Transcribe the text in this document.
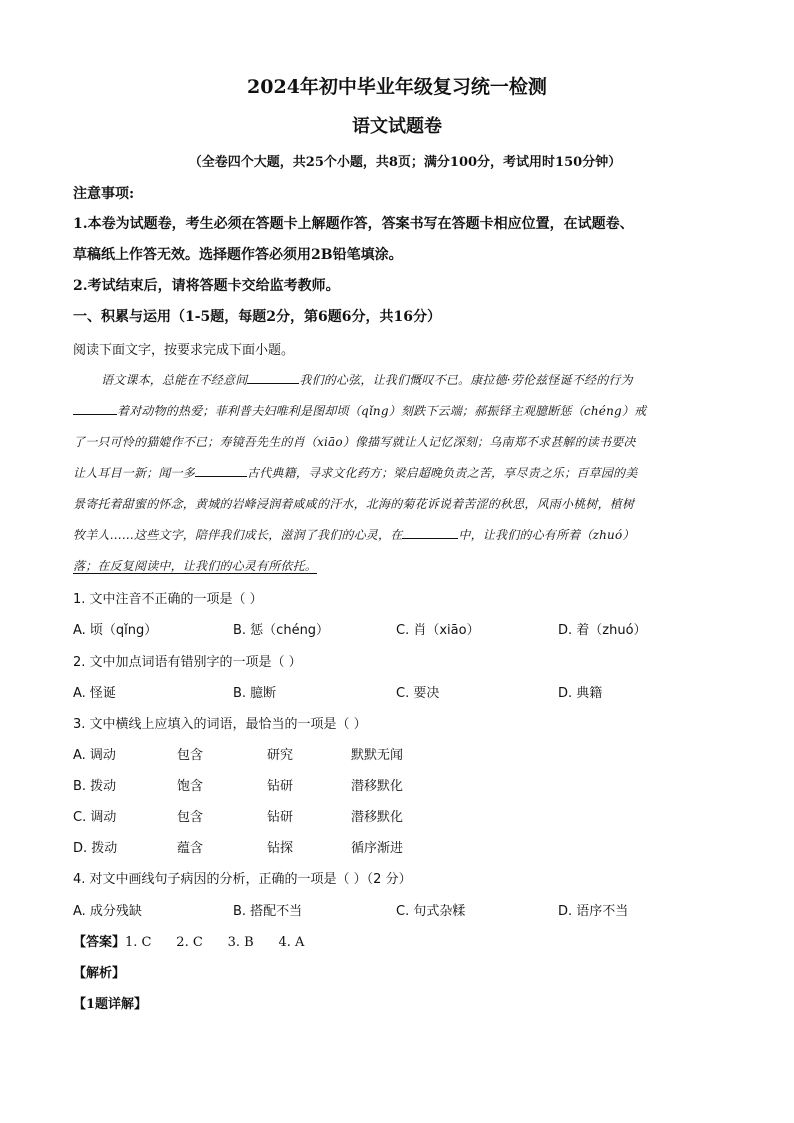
2024年初中毕业年级复习统一检测
语文试题卷
（全卷四个大题，共25个小题，共8页；满分100分，考试用时150分钟）
注意事项:
1.本卷为试题卷，考生必须在答题卡上解题作答，答案书写在答题卡相应位置，在试题卷、
草稿纸上作答无效。选择题作答必须用2B铅笔填涂。
2.考试结束后，请将答题卡交给监考教师。
一、积累与运用（1-5题，每题2分，第6题6分，共16分）
阅读下面文字，按要求完成下面小题。
语文课本，总能在不经意间	我们的心弦，让我们慨叹不已。康拉德·劳伦兹怪诞不经的行为
着对动物的热爱；菲利普夫妇唯利是图却顷（qǐng）刻跌下云端；郝振铎主观臆断惩（chéng）戒
了一只可怜的猫媲作不已；寿镜吾先生的肖（xiāo）像描写就让人记忆深刻；乌南郑不求甚解的读书要决
让人耳目一新；闻一多	古代典籍，寻求文化药方；梁启超晚负责之苦，享尽责之乐；百草园的美
景寄托着甜蜜的怀念，黄城的岩峰浸润着咸咸的汗水，北海的菊花诉说着苦涩的秋思，风雨小桃树，植树
牧羊人……这些文字，陪伴我们成长，滋润了我们的心灵，在	中，让我们的心有所着（zhuó）
落；在反复阅读中，让我们的心灵有所依托。
1. 文中注音不正确的一项是（ ）
A. 顷（qǐng）	B. 惩（chéng）	C. 肖（xiāo）	D. 着（zhuó）
2. 文中加点词语有错别字的一项是（ ）
A. 怪诞	B. 臆断	C. 要决	D. 典籍
3. 文中横线上应填入的词语，最恰当的一项是（ ）
A. 调动	包含	研究	默默无闻
B. 拨动	饱含	钻研	潜移默化
C. 调动	包含	钻研	潜移默化
D. 拨动	蕴含	钻探	循序渐进
4. 对文中画线句子病因的分析，正确的一项是（ ）（2 分）
A. 成分残缺	B. 搭配不当	C. 句式杂糅	D. 语序不当
【答案】1. C      2. C      3. B      4. A
【解析】
【1题详解】
